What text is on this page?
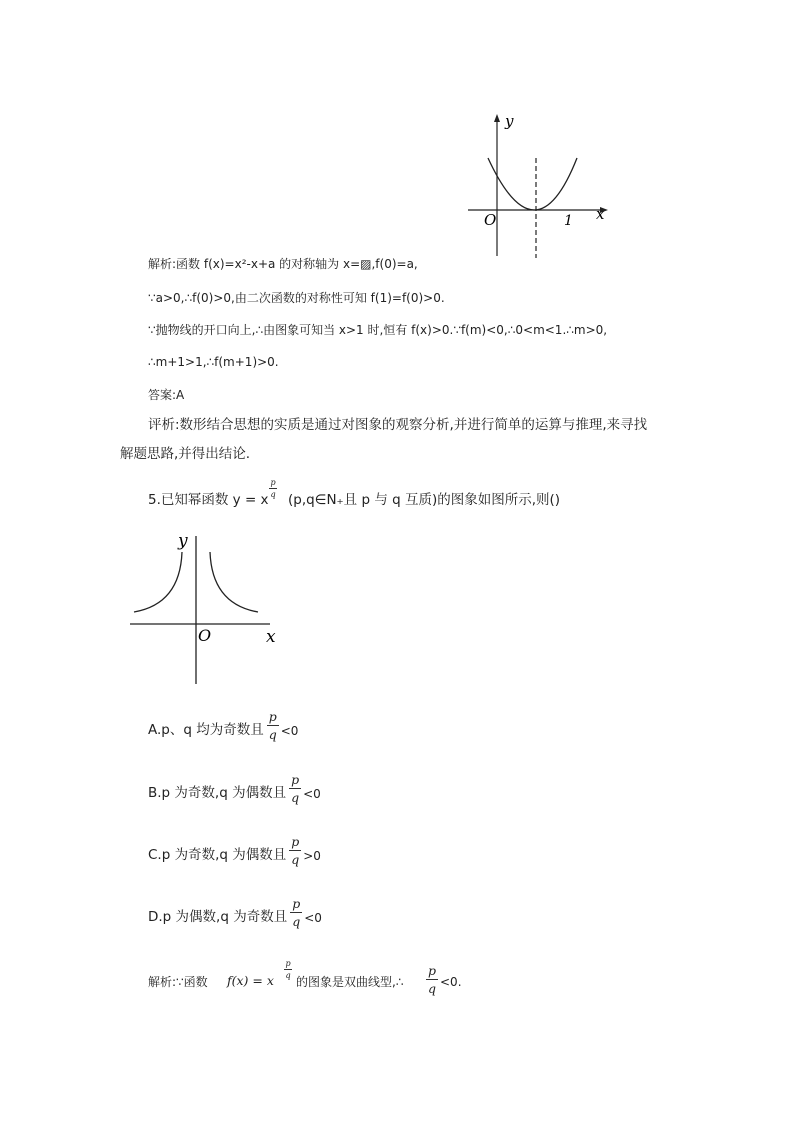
y
x
O	1
解析:函数 f(x)=x²-x+a 的对称轴为 x=▨,f(0)=a,
∵a>0,∴f(0)>0,由二次函数的对称性可知 f(1)=f(0)>0.
∵抛物线的开口向上,∴由图象可知当 x>1 时,恒有 f(x)>0.∵f(m)<0,∴0<m<1.∴m>0,
∴m+1>1,∴f(m+1)>0.
答案:A
评析:数形结合思想的实质是通过对图象的观察分析,并进行简单的运算与推理,来寻找
解题思路,并得出结论.
5.已知幂函数 y = x
p
q (p,q∈N₊且 p 与 q 互质)的图象如图所示,则()
y
x
O
A.p、q 均为奇数且
p
q <0
B.p 为奇数,q 为偶数且
p
q <0
C.p 为奇数,q 为偶数且
p
q >0
D.p 为偶数,q 为奇数且
p
q <0
解析:∵函数 f(x) = x
p
q 的图象是双曲线型,∴
p
q <0.
